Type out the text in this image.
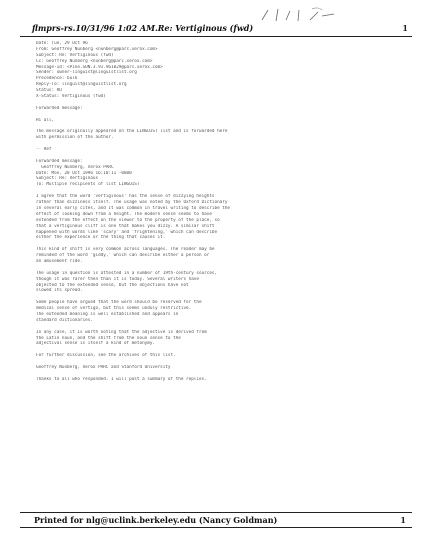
flmprs-rs.10/31/96 1:02 AM.Re: Vertiginous (fwd)	1
Date: Tue, 29 Oct 96
From: Geoffrey Nunberg <nunberg@parc.xerox.com>
Subject: Re: Vertiginous (fwd)
Cc: Geoffrey Nunberg <nunberg@parc.xerox.com>
Message-Id: <Pine.SUN.3.91.961029@parc.xerox.com>
Sender: owner-linguist@linguistlist.org
Precedence: bulk
Reply-To: linguist@linguistlist.org
Status: RO
X-Status: Vertiginous (fwd)
Forwarded message:
Hi all,
The message originally appeared on the LINGUIST list and is forwarded here
with permission of the author.
-- Ref
Forwarded message:
Geoffrey Nunberg, Xerox PARC
Date: Mon, 28 Oct 1996 16:10:11 -0800
Subject: Re: Vertiginous
To: Multiple recipients of list LINGUIST
I agree that the word 'vertiginous' has the sense of dizzying heights
rather than dizziness itself. The usage was noted by the Oxford Dictionary
in several early cites, and it was common in travel writing to describe the
effect of looking down from a height. The modern sense seems to have
extended from the effect on the viewer to the property of the place, so
that a vertiginous cliff is one that makes you dizzy. A similar shift
happened with words like 'scary' and 'frightening,' which can describe
either the experience or the thing that causes it.
This kind of shift is very common across languages. The reader may be
reminded of the word 'giddy,' which can describe either a person or
an amusement ride.
The usage in question is attested in a number of 19th-century sources,
though it was rarer then than it is today. Several writers have
objected to the extended sense, but the objections have not
slowed its spread.
Some people have argued that the word should be reserved for the
medical sense of vertigo, but this seems unduly restrictive.
The extended meaning is well established and appears in
standard dictionaries.
In any case, it is worth noting that the adjective is derived from
the Latin noun, and the shift from the noun sense to the
adjectival sense is itself a kind of metonymy.
For further discussion, see the archives of this list.
Geoffrey Nunberg, Xerox PARC and Stanford University
Thanks to all who responded. I will post a summary of the replies.
Printed for nlg@uclink.berkeley.edu (Nancy Goldman)	1
